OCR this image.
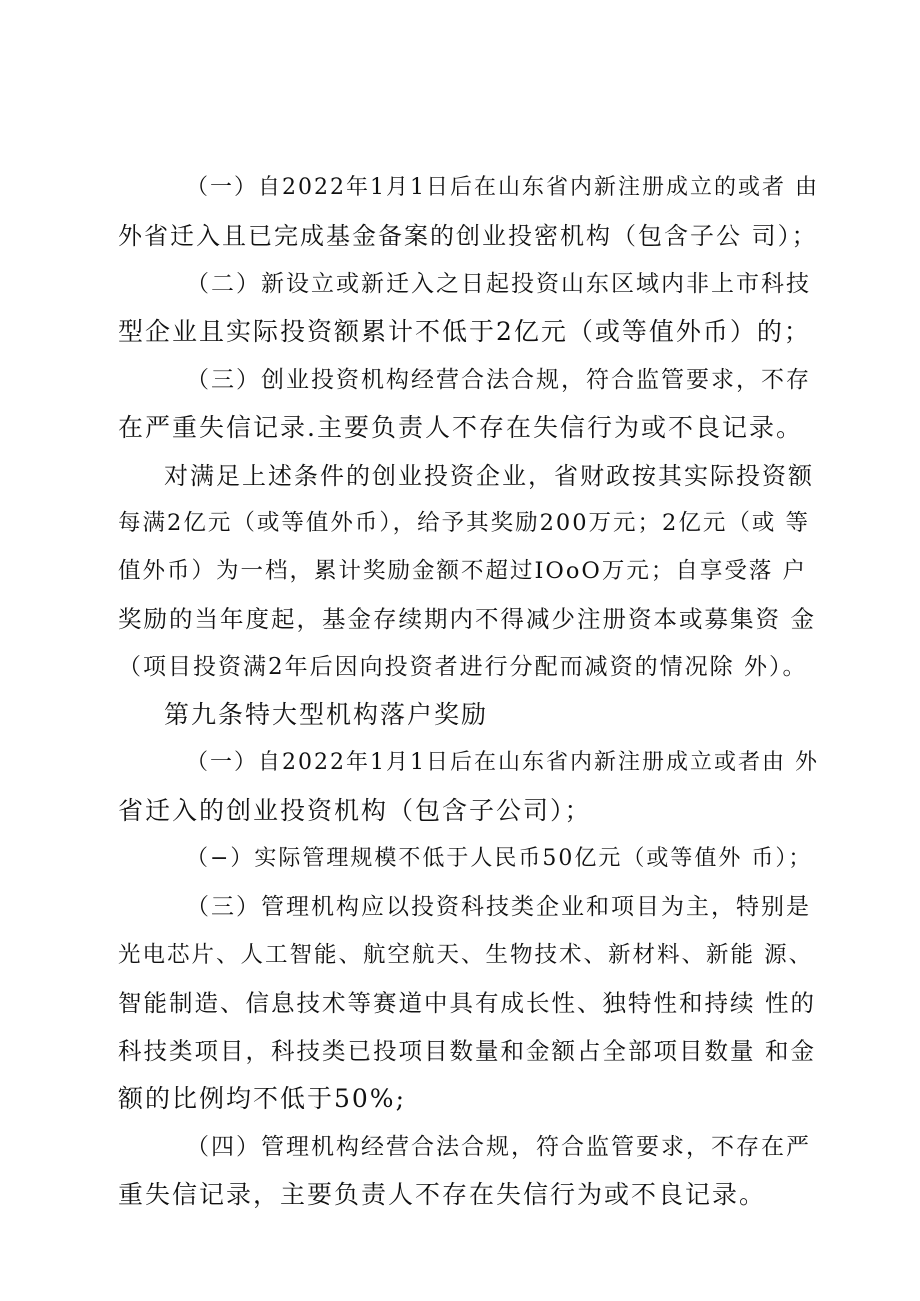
（一）自2022年1月1日后在山东省内新注册成立的或者 由
外省迁入且已完成基金备案的创业投密机构（包含子公 司）；
（二）新设立或新迁入之日起投资山东区域内非上市科技
型企业且实际投资额累计不低于2亿元（或等值外币）的；
（三）创业投资机构经营合法合规，符合监管要求，不存
在严重失信记录.主要负责人不存在失信行为或不良记录。
对满足上述条件的创业投资企业，省财政按其实际投资额
每满2亿元（或等值外币），给予其奖励200万元；2亿元（或 等
值外币）为一档，累计奖励金额不超过IOoO万元；自享受落 户
奖励的当年度起，基金存续期内不得减少注册资本或募集资 金
（项目投资满2年后因向投资者进行分配而减资的情况除 外）。
第九条特大型机构落户奖励
（一）自2022年1月1日后在山东省内新注册成立或者由 外
省迁入的创业投资机构（包含子公司）；
（−）实际管理规模不低于人民币50亿元（或等值外 币）；
（三）管理机构应以投资科技类企业和项目为主，特别是
光电芯片、人工智能、航空航天、生物技术、新材料、新能 源、
智能制造、信息技术等赛道中具有成长性、独特性和持续 性的
科技类项目，科技类已投项目数量和金额占全部项目数量 和金
额的比例均不低于50%;
（四）管理机构经营合法合规，符合监管要求，不存在严
重失信记录，主要负责人不存在失信行为或不良记录。
